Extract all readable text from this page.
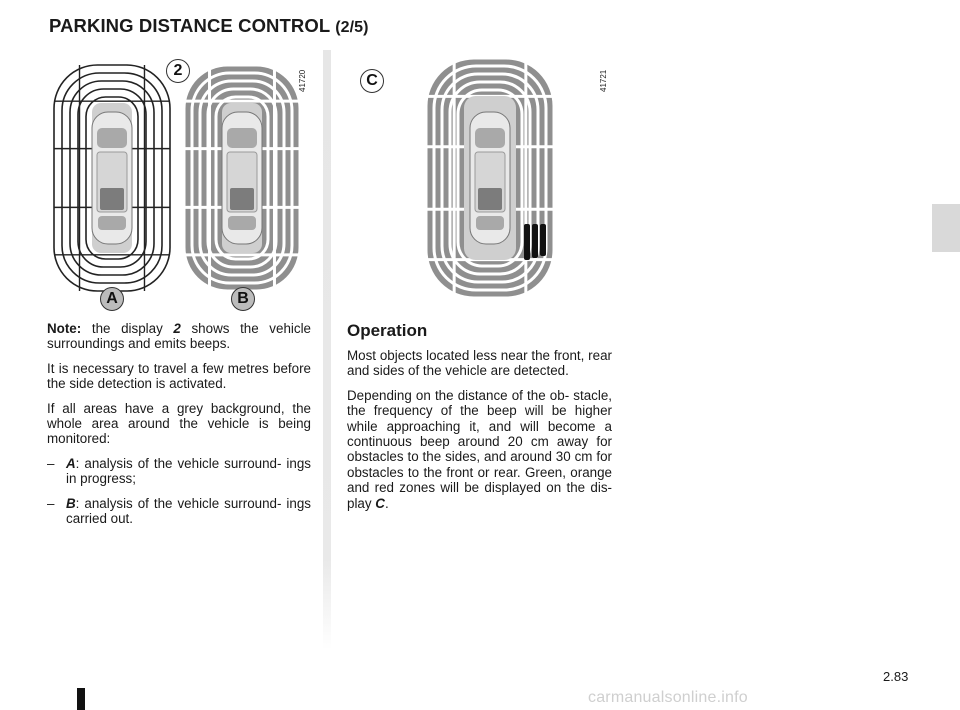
PARKING DISTANCE CONTROL (2/5)
41720
2
A	B
41721
C

Note: the display 2 shows the vehicle surroundings and emits beeps.

It is necessary to travel a few metres before the side detection is activated.

If all areas have a grey background, the whole area around the vehicle is being monitored:

– A: analysis of the vehicle surround- ings in progress;
– B: analysis of the vehicle surround- ings carried out.
Operation

Most objects located less near the front, rear and sides of the vehicle are detected.

Depending on the distance of the ob- stacle, the frequency of the beep will be higher while approaching it, and will become a continuous beep around 20 cm away for obstacles to the sides, and around 30 cm for obstacles to the front or rear. Green, orange and red zones will be displayed on the dis- play C.

2.83
carmanualsonline.info
